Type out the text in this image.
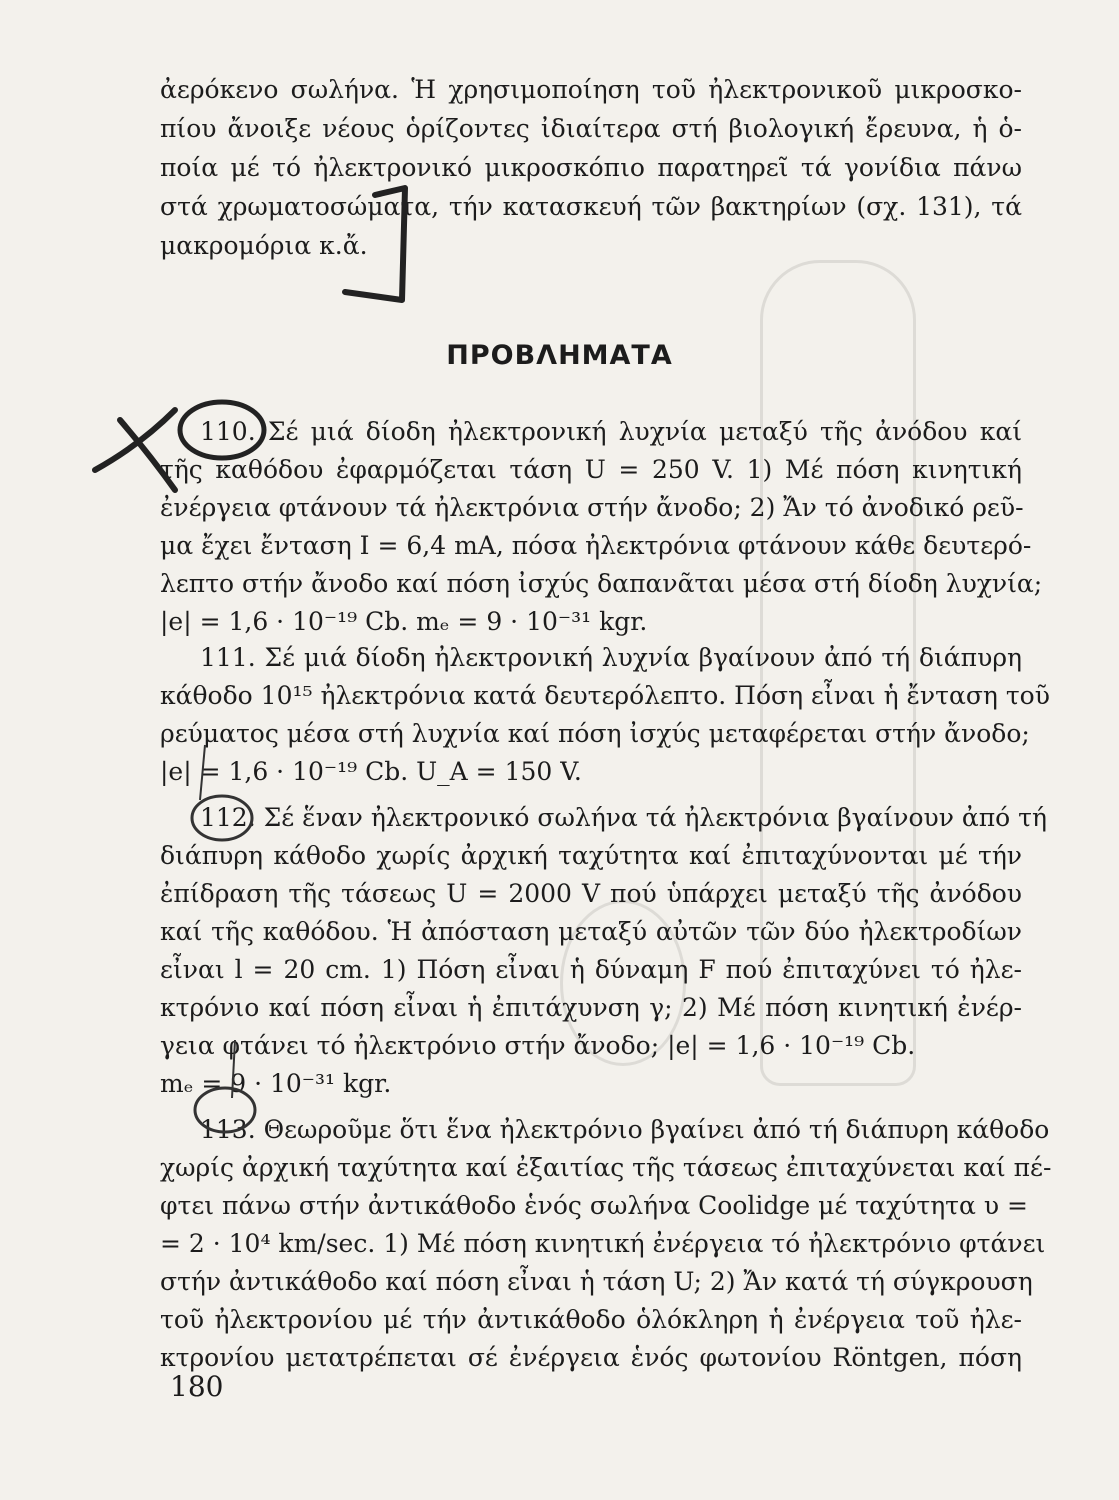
ἀερόκενο σωλήνα. Ἡ χρησιμοποίηση τοῦ ἠλεκτρονικοῦ μικροσκο-
πίου ἄνοιξε νέους ὁρίζοντες ἰδιαίτερα στή βιολογική ἔρευνα, ἡ ὁ-
ποία μέ τό ἠλεκτρονικό μικροσκόπιο παρατηρεῖ τά γονίδια πάνω
στά χρωματοσώματα, τήν κατασκευή τῶν βακτηρίων (σχ. 131), τά
μακρομόρια κ.ἄ.
ΠΡΟΒΛΗΜΑΤΑ
110. Σέ μιά δίοδη ἠλεκτρονική λυχνία μεταξύ τῆς ἀνόδου καί
τῆς καθόδου ἐφαρμόζεται τάση U = 250 V. 1) Μέ πόση κινητική
ἐνέργεια φτάνουν τά ἠλεκτρόνια στήν ἄνοδο; 2) Ἄν τό ἀνοδικό ρεῦ-
μα ἔχει ἔνταση I = 6,4 mA, πόσα ἠλεκτρόνια φτάνουν κάθε δευτερό-
λεπτο στήν ἄνοδο καί πόση ἰσχύς δαπανᾶται μέσα στή δίοδη λυχνία;
|e| = 1,6 · 10⁻¹⁹ Cb. mₑ = 9 · 10⁻³¹ kgr.
111. Σέ μιά δίοδη ἠλεκτρονική λυχνία βγαίνουν ἀπό τή διάπυρη
κάθοδο 10¹⁵ ἠλεκτρόνια κατά δευτερόλεπτο. Πόση εἶναι ἡ ἔνταση τοῦ
ρεύματος μέσα στή λυχνία καί πόση ἰσχύς μεταφέρεται στήν ἄνοδο;
|e| = 1,6 · 10⁻¹⁹ Cb. U_A = 150 V.
112. Σέ ἕναν ἠλεκτρονικό σωλήνα τά ἠλεκτρόνια βγαίνουν ἀπό τή
διάπυρη κάθοδο χωρίς ἀρχική ταχύτητα καί ἐπιταχύνονται μέ τήν
ἐπίδραση τῆς τάσεως U = 2000 V πού ὑπάρχει μεταξύ τῆς ἀνόδου
καί τῆς καθόδου. Ἡ ἀπόσταση μεταξύ αὐτῶν τῶν δύο ἠλεκτροδίων
εἶναι l = 20 cm. 1) Πόση εἶναι ἡ δύναμη F πού ἐπιταχύνει τό ἠλε-
κτρόνιο καί πόση εἶναι ἡ ἐπιτάχυνση γ; 2) Μέ πόση κινητική ἐνέρ-
γεια φτάνει τό ἠλεκτρόνιο στήν ἄνοδο; |e| = 1,6 · 10⁻¹⁹ Cb.
mₑ = 9 · 10⁻³¹ kgr.
113. Θεωροῦμε ὅτι ἕνα ἠλεκτρόνιο βγαίνει ἀπό τή διάπυρη κάθοδο
χωρίς ἀρχική ταχύτητα καί ἐξαιτίας τῆς τάσεως ἐπιταχύνεται καί πέ-
φτει πάνω στήν ἀντικάθοδο ἑνός σωλήνα Coolidge μέ ταχύτητα υ =
= 2 · 10⁴ km/sec. 1) Μέ πόση κινητική ἐνέργεια τό ἠλεκτρόνιο φτάνει
στήν ἀντικάθοδο καί πόση εἶναι ἡ τάση U; 2) Ἄν κατά τή σύγκρουση
τοῦ ἠλεκτρονίου μέ τήν ἀντικάθοδο ὁλόκληρη ἡ ἐνέργεια τοῦ ἠλε-
κτρονίου μετατρέπεται σέ ἐνέργεια ἑνός φωτονίου Röntgen, πόση
180
